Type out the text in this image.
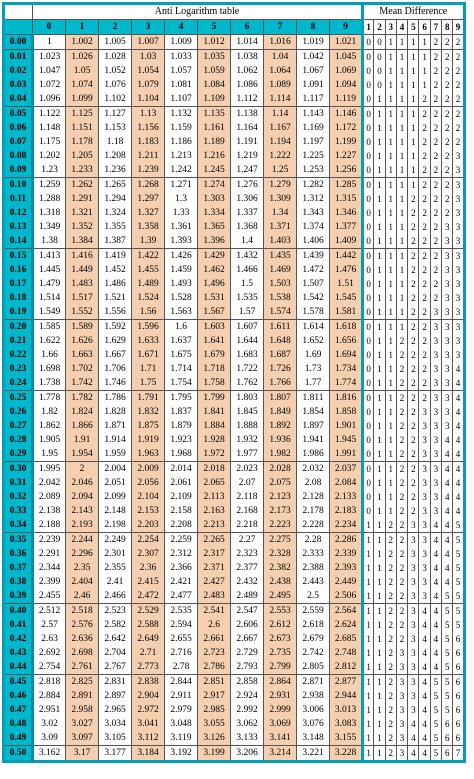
	Anti Logarithm table										Mean Difference								
	0	1	2	3	4	5	6	7	8	9	1	2	3	4	5	6	7	8	9
0.00	1	1.002	1.005	1.007	1.009	1.012	1.014	1.016	1.019	1.021	0	0	1	1	1	1	2	2	2
0.01	1.023	1.026	1.028	1.03	1.033	1.035	1.038	1.04	1.042	1.045	0	0	1	1	1	1	2	2	2
0.02	1.047	1.05	1.052	1.054	1.057	1.059	1.062	1.064	1.067	1.069	0	0	1	1	1	1	2	2	2
0.03	1.072	1.074	1.076	1.079	1.081	1.084	1.086	1.089	1.091	1.094	0	0	1	1	1	1	2	2	2
0.04	1.096	1.099	1.102	1.104	1.107	1.109	1.112	1.114	1.117	1.119	0	1	1	1	1	2	2	2	2
0.05	1.122	1.125	1.127	1.13	1.132	1.135	1.138	1.14	1.143	1.146	0	1	1	1	1	2	2	2	2
0.06	1.148	1.151	1.153	1.156	1.159	1.161	1.164	1.167	1.169	1.172	0	1	1	1	1	2	2	2	2
0.07	1.175	1.178	1.18	1.183	1.186	1.189	1.191	1.194	1.197	1.199	0	1	1	1	1	2	2	2	2
0.08	1.202	1.205	1.208	1.211	1.213	1.216	1.219	1.222	1.225	1.227	0	1	1	1	1	2	2	2	3
0.09	1.23	1.233	1.236	1.239	1.242	1.245	1.247	1.25	1.253	1.256	0	1	1	1	1	2	2	2	3
0.10	1.259	1.262	1.265	1.268	1.271	1.274	1.276	1.279	1.282	1.285	0	1	1	1	1	2	2	2	3
0.11	1.288	1.291	1.294	1.297	1.3	1.303	1.306	1.309	1.312	1.315	0	1	1	1	2	2	2	2	3
0.12	1.318	1.321	1.324	1.327	1.33	1.334	1.337	1.34	1.343	1.346	0	1	1	1	2	2	2	2	3
0.13	1.349	1.352	1.355	1.358	1.361	1.365	1.368	1.371	1.374	1.377	0	1	1	1	2	2	2	3	3
0.14	1.38	1.384	1.387	1.39	1.393	1.396	1.4	1.403	1.406	1.409	0	1	1	1	2	2	2	3	3
0.15	1.413	1.416	1.419	1.422	1.426	1.429	1.432	1.435	1.439	1.442	0	1	1	1	2	2	2	3	3
0.16	1.445	1.449	1.452	1.455	1.459	1.462	1.466	1.469	1.472	1.476	0	1	1	1	2	2	2	3	3
0.17	1.479	1.483	1.486	1.489	1.493	1.496	1.5	1.503	1.507	1.51	0	1	1	1	2	2	2	3	3
0.18	1.514	1.517	1.521	1.524	1.528	1.531	1.535	1.538	1.542	1.545	0	1	1	1	2	2	2	3	3
0.19	1.549	1.552	1.556	1.56	1.563	1.567	1.57	1.574	1.578	1.581	0	1	1	1	2	2	3	3	3
0.20	1.585	1.589	1.592	1.596	1.6	1.603	1.607	1.611	1.614	1.618	0	1	1	1	2	2	3	3	3
0.21	1.622	1.626	1.629	1.633	1.637	1.641	1.644	1.648	1.652	1.656	0	1	1	2	2	2	3	3	3
0.22	1.66	1.663	1.667	1.671	1.675	1.679	1.683	1.687	1.69	1.694	0	1	1	2	2	2	3	3	3
0.23	1.698	1.702	1.706	1.71	1.714	1.718	1.722	1.726	1.73	1.734	0	1	1	2	2	2	3	3	4
0.24	1.738	1.742	1.746	1.75	1.754	1.758	1.762	1.766	1.77	1.774	0	1	1	2	2	2	3	3	4
0.25	1.778	1.782	1.786	1.791	1.795	1.799	1.803	1.807	1.811	1.816	0	1	1	2	2	2	3	3	4
0.26	1.82	1.824	1.828	1.832	1.837	1.841	1.845	1.849	1.854	1.858	0	1	1	2	2	3	3	3	4
0.27	1.862	1.866	1.871	1.875	1.879	1.884	1.888	1.892	1.897	1.901	0	1	1	2	2	3	3	3	4
0.28	1.905	1.91	1.914	1.919	1.923	1.928	1.932	1.936	1.941	1.945	0	1	1	2	2	3	3	4	4
0.29	1.95	1.954	1.959	1.963	1.968	1.972	1.977	1.982	1.986	1.991	0	1	1	2	2	3	3	4	4
0.30	1.995	2	2.004	2.009	2.014	2.018	2.023	2.028	2.032	2.037	0	1	1	2	2	3	3	4	4
0.31	2.042	2.046	2.051	2.056	2.061	2.065	2.07	2.075	2.08	2.084	0	1	1	2	2	3	3	4	4
0.32	2.089	2.094	2.099	2.104	2.109	2.113	2.118	2.123	2.128	2.133	0	1	1	2	2	3	3	4	4
0.33	2.138	2.143	2.148	2.153	2.158	2.163	2.168	2.173	2.178	2.183	0	1	1	2	2	3	3	4	4
0.34	2.188	2.193	2.198	2.203	2.208	2.213	2.218	2.223	2.228	2.234	1	1	2	2	3	3	4	4	5
0.35	2.239	2.244	2.249	2.254	2.259	2.265	2.27	2.275	2.28	2.286	1	1	2	2	3	3	4	4	5
0.36	2.291	2.296	2.301	2.307	2.312	2.317	2.323	2.328	2.333	2.339	1	1	2	2	3	3	4	4	5
0.37	2.344	2.35	2.355	2.36	2.366	2.371	2.377	2.382	2.388	2.393	1	1	2	2	3	3	4	4	5
0.38	2.399	2.404	2.41	2.415	2.421	2.427	2.432	2.438	2.443	2.449	1	1	2	2	3	3	4	4	5
0.39	2.455	2.46	2.466	2.472	2.477	2.483	2.489	2.495	2.5	2.506	1	1	2	2	3	3	4	5	5
0.40	2.512	2.518	2.523	2.529	2.535	2.541	2.547	2.553	2.559	2.564	1	1	2	2	3	4	4	5	5
0.41	2.57	2.576	2.582	2.588	2.594	2.6	2.606	2.612	2.618	2.624	1	1	2	2	3	4	4	5	5
0.42	2.63	2.636	2.642	2.649	2.655	2.661	2.667	2.673	2.679	2.685	1	1	2	2	3	4	4	5	6
0.43	2.692	2.698	2.704	2.71	2.716	2.723	2.729	2.735	2.742	2.748	1	1	2	3	3	4	4	5	6
0.44	2.754	2.761	2.767	2.773	2.78	2.786	2.793	2.799	2.805	2.812	1	1	2	3	3	4	4	5	6
0.45	2.818	2.825	2.831	2.838	2.844	2.851	2.858	2.864	2.871	2.877	1	1	2	3	3	4	5	5	6
0.46	2.884	2.891	2.897	2.904	2.911	2.917	2.924	2.931	2.938	2.944	1	1	2	3	3	4	5	5	6
0.47	2.951	2.958	2.965	2.972	2.979	2.985	2.992	2.999	3.006	3.013	1	1	2	3	3	4	5	5	6
0.48	3.02	3.027	3.034	3.041	3.048	3.055	3.062	3.069	3.076	3.083	1	1	2	3	4	4	5	6	6
0.49	3.09	3.097	3.105	3.112	3.119	3.126	3.133	3.141	3.148	3.155	1	1	2	3	4	4	5	6	6
0.50	3.162	3.17	3.177	3.184	3.192	3.199	3.206	3.214	3.221	3.228	1	1	2	3	4	4	5	6	7
